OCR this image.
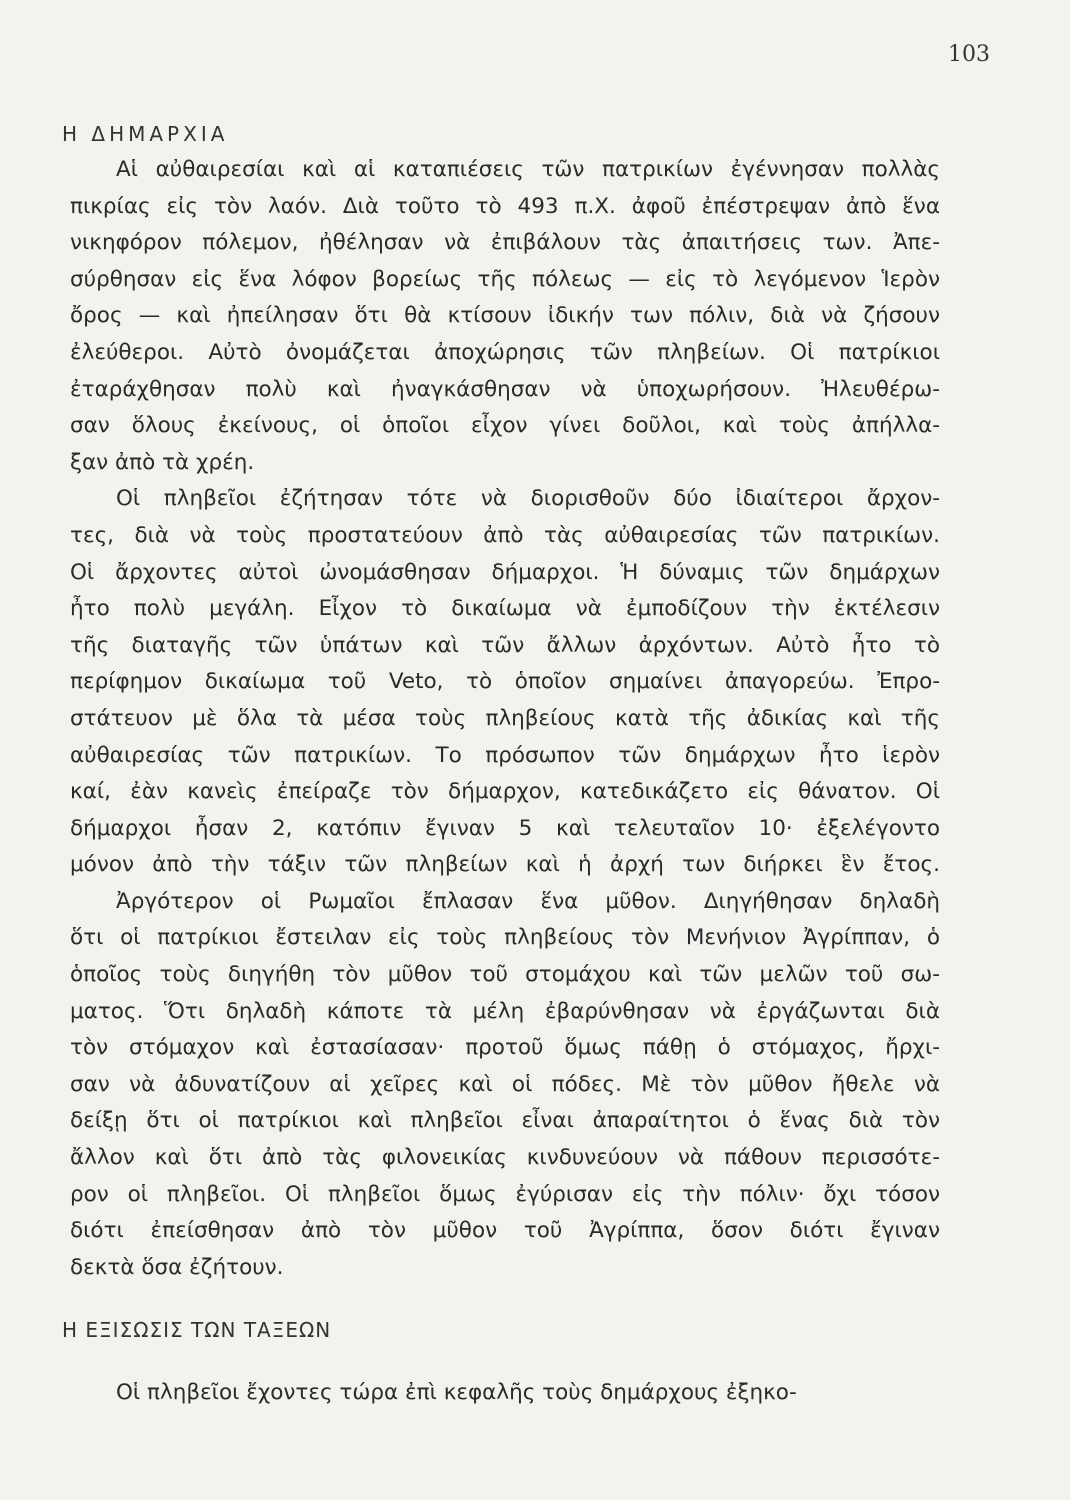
103
Η ΔΗΜΑΡΧΙΑ
Αἱ αὐθαιρεσίαι καὶ αἱ καταπιέσεις τῶν πατρικίων ἐγέννησαν πολλὰς
πικρίας εἰς τὸν λαόν. Διὰ τοῦτο τὸ 493 π.Χ. ἀφοῦ ἐπέστρεψαν ἀπὸ ἕνα
νικηφόρον πόλεμον, ἠθέλησαν νὰ ἐπιβάλουν τὰς ἀπαιτήσεις των. Ἀπε-
σύρθησαν εἰς ἕνα λόφον βορείως τῆς πόλεως — εἰς τὸ λεγόμενον Ἱερὸν
ὄρος — καὶ ἠπείλησαν ὅτι θὰ κτίσουν ἰδικήν των πόλιν, διὰ νὰ ζήσουν
ἐλεύθεροι. Αὐτὸ ὀνομάζεται ἀποχώρησις τῶν πληβείων. Οἱ πατρίκιοι
ἐταράχθησαν πολὺ καὶ ἠναγκάσθησαν νὰ ὑποχωρήσουν. Ἠλευθέρω-
σαν ὅλους ἐκείνους, οἱ ὁποῖοι εἶχον γίνει δοῦλοι, καὶ τοὺς ἀπήλλα-
ξαν ἀπὸ τὰ χρέη.
Οἱ πληβεῖοι ἐζήτησαν τότε νὰ διορισθοῦν δύο ἰδιαίτεροι ἄρχον-
τες, διὰ νὰ τοὺς προστατεύουν ἀπὸ τὰς αὐθαιρεσίας τῶν πατρικίων.
Οἱ ἄρχοντες αὐτοὶ ὠνομάσθησαν δήμαρχοι. Ἡ δύναμις τῶν δημάρχων
ἦτο πολὺ μεγάλη. Εἶχον τὸ δικαίωμα νὰ ἐμποδίζουν τὴν ἐκτέλεσιν
τῆς διαταγῆς τῶν ὑπάτων καὶ τῶν ἄλλων ἀρχόντων. Αὐτὸ ἦτο τὸ
περίφημον δικαίωμα τοῦ Veto, τὸ ὁποῖον σημαίνει ἀπαγορεύω. Ἐπρο-
στάτευον μὲ ὅλα τὰ μέσα τοὺς πληβείους κατὰ τῆς ἀδικίας καὶ τῆς
αὐθαιρεσίας τῶν πατρικίων. Το πρόσωπον τῶν δημάρχων ἦτο ἱερὸν
καί, ἐὰν κανεὶς ἐπείραζε τὸν δήμαρχον, κατεδικάζετο εἰς θάνατον. Οἱ
δήμαρχοι ἦσαν 2, κατόπιν ἔγιναν 5 καὶ τελευταῖον 10· ἐξελέγοντο
μόνον ἀπὸ τὴν τάξιν τῶν πληβείων καὶ ἡ ἀρχή των διήρκει ἓν ἔτος.
Ἀργότερον οἱ Ρωμαῖοι ἔπλασαν ἕνα μῦθον. Διηγήθησαν δηλαδὴ
ὅτι οἱ πατρίκιοι ἔστειλαν εἰς τοὺς πληβείους τὸν Μενήνιον Ἀγρίππαν, ὁ
ὁποῖος τοὺς διηγήθη τὸν μῦθον τοῦ στομάχου καὶ τῶν μελῶν τοῦ σω-
ματος. Ὅτι δηλαδὴ κάποτε τὰ μέλη ἐβαρύνθησαν νὰ ἐργάζωνται διὰ
τὸν στόμαχον καὶ ἐστασίασαν· προτοῦ ὅμως πάθῃ ὁ στόμαχος, ἤρχι-
σαν νὰ ἀδυνατίζουν αἱ χεῖρες καὶ οἱ πόδες. Μὲ τὸν μῦθον ἤθελε νὰ
δείξῃ ὅτι οἱ πατρίκιοι καὶ πληβεῖοι εἶναι ἀπαραίτητοι ὁ ἕνας διὰ τὸν
ἄλλον καὶ ὅτι ἀπὸ τὰς φιλονεικίας κινδυνεύουν νὰ πάθουν περισσότε-
ρον οἱ πληβεῖοι. Οἱ πληβεῖοι ὅμως ἐγύρισαν εἰς τὴν πόλιν· ὄχι τόσον
διότι ἐπείσθησαν ἀπὸ τὸν μῦθον τοῦ Ἀγρίππα, ὅσον διότι ἔγιναν
δεκτὰ ὅσα ἐζήτουν.
Η ΕΞΙΣΩΣΙΣ ΤΩΝ ΤΑΞΕΩΝ
Οἱ πληβεῖοι ἔχοντες τώρα ἐπὶ κεφαλῆς τοὺς δημάρχους ἐξηκο-
